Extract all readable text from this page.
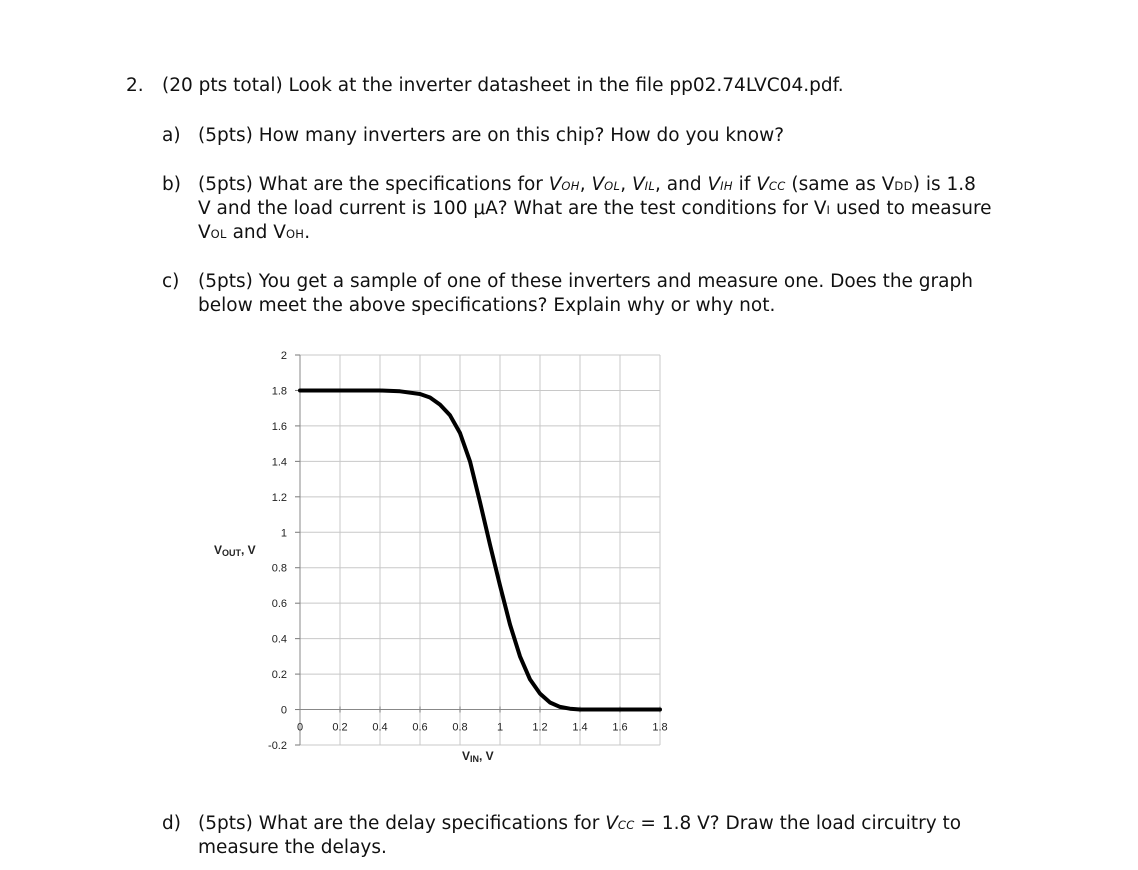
2. (20 pts total) Look at the inverter datasheet in the file pp02.74LVC04.pdf.
a) (5pts) How many inverters are on this chip? How do you know?
b) (5pts) What are the specifications for VOH, VOL, VIL, and VIH if VCC (same as VDD) is 1.8
V and the load current is 100 μA? What are the test conditions for VI used to measure
VOL and VOH.
c) (5pts) You get a sample of one of these inverters and measure one. Does the graph
below meet the above specifications? Explain why or why not.
0	0.2 0.4 0.6 0.8	1	1.2 1.4 1.6 1.8
2
1.8
1.6
1.4
1.2
1
0.8
0.6
0.4
0.2
0
-0.2
VOUT, V
VIN, V
d) (5pts) What are the delay specifications for VCC = 1.8 V? Draw the load circuitry to
measure the delays.
